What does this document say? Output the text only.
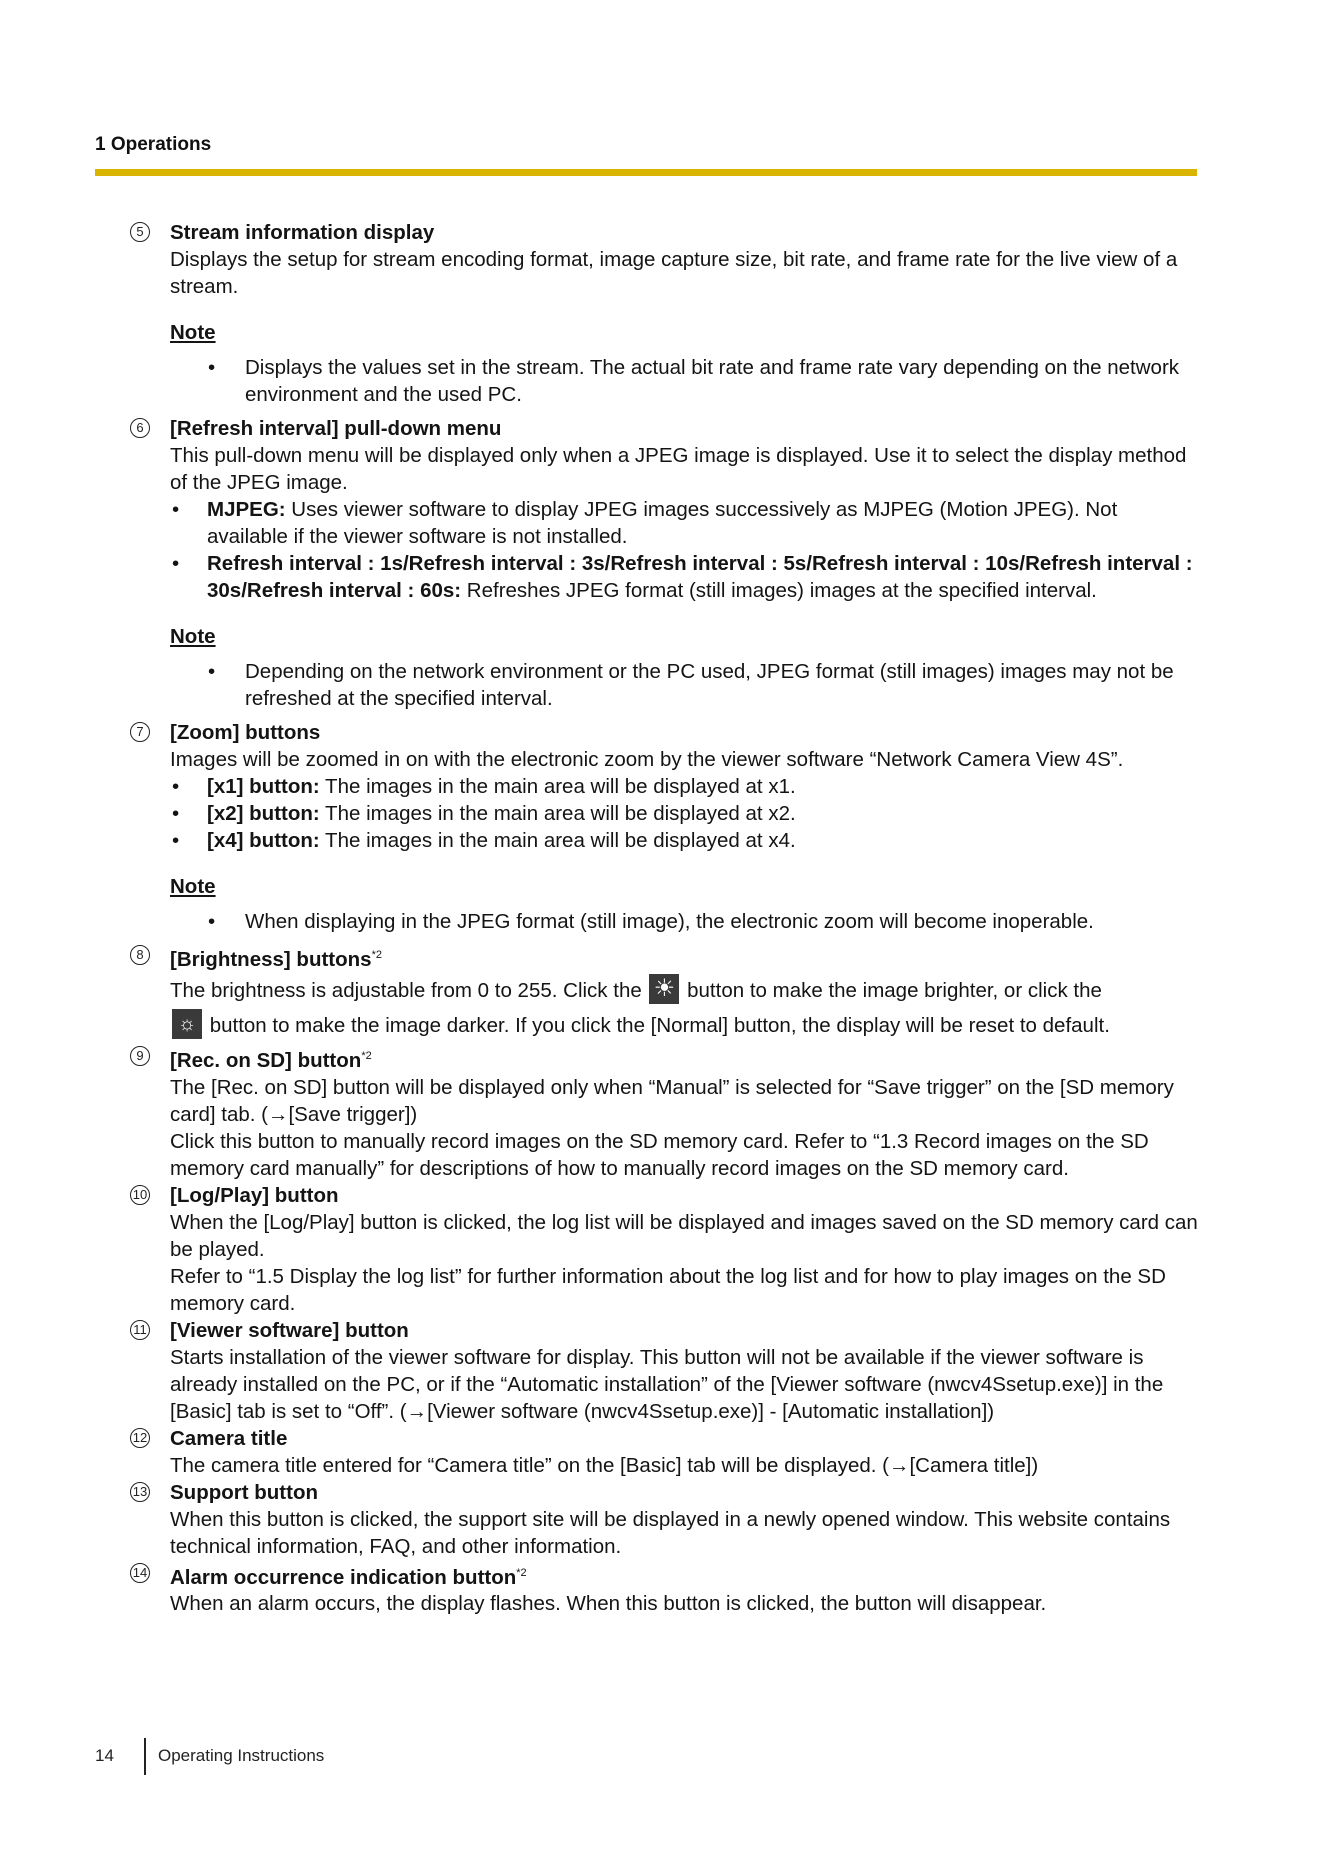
1 Operations
5	Stream information display

Displays the setup for stream encoding format, image capture size, bit rate, and frame rate for the live view of a stream.

Note
• Displays the values set in the stream. The actual bit rate and frame rate vary depending on the network environment and the used PC.
6	[Refresh interval] pull-down menu

This pull-down menu will be displayed only when a JPEG image is displayed. Use it to select the display method of the JPEG image.

• MJPEG: Uses viewer software to display JPEG images successively as MJPEG (Motion JPEG). Not available if the viewer software is not installed.
• Refresh interval : 1s/Refresh interval : 3s/Refresh interval : 5s/Refresh interval : 10s/Refresh interval : 30s/Refresh interval : 60s: Refreshes JPEG format (still images) images at the specified interval.
Note
• Depending on the network environment or the PC used, JPEG format (still images) images may not be refreshed at the specified interval.
7	[Zoom] buttons

Images will be zoomed in on with the electronic zoom by the viewer software “Network Camera View 4S”.

• [x1] button: The images in the main area will be displayed at x1.
• [x2] button: The images in the main area will be displayed at x2.
• [x4] button: The images in the main area will be displayed at x4.
Note
• When displaying in the JPEG format (still image), the electronic zoom will become inoperable.
8	[Brightness] buttons$^{*2}$

The brightness is adjustable from 0 to 255. Click the ☀ button to make the image brighter, or click the

☼ button to make the image darker. If you click the [Normal] button, the display will be reset to default.

9	[Rec. on SD] button$^{*2}$

The [Rec. on SD] button will be displayed only when “Manual” is selected for “Save trigger” on the [SD memory card] tab. (→[Save trigger])

Click this button to manually record images on the SD memory card. Refer to “1.3 Record images on the SD memory card manually” for descriptions of how to manually record images on the SD memory card.

10 [Log/Play] button

When the [Log/Play] button is clicked, the log list will be displayed and images saved on the SD memory card can be played.

Refer to “1.5 Display the log list” for further information about the log list and for how to play images on the SD memory card.

11 [Viewer software] button

Starts installation of the viewer software for display. This button will not be available if the viewer software is already installed on the PC, or if the “Automatic installation” of the [Viewer software (nwcv4Ssetup.exe)] in the [Basic] tab is set to “Off”. (→[Viewer software (nwcv4Ssetup.exe)] - [Automatic installation])

12 Camera title

The camera title entered for “Camera title” on the [Basic] tab will be displayed. (→[Camera title])

13 Support button

When this button is clicked, the support site will be displayed in a newly opened window. This website contains technical information, FAQ, and other information.

14 Alarm occurrence indication button$^{*2}$

When an alarm occurs, the display flashes. When this button is clicked, the button will disappear.

14	Operating Instructions
